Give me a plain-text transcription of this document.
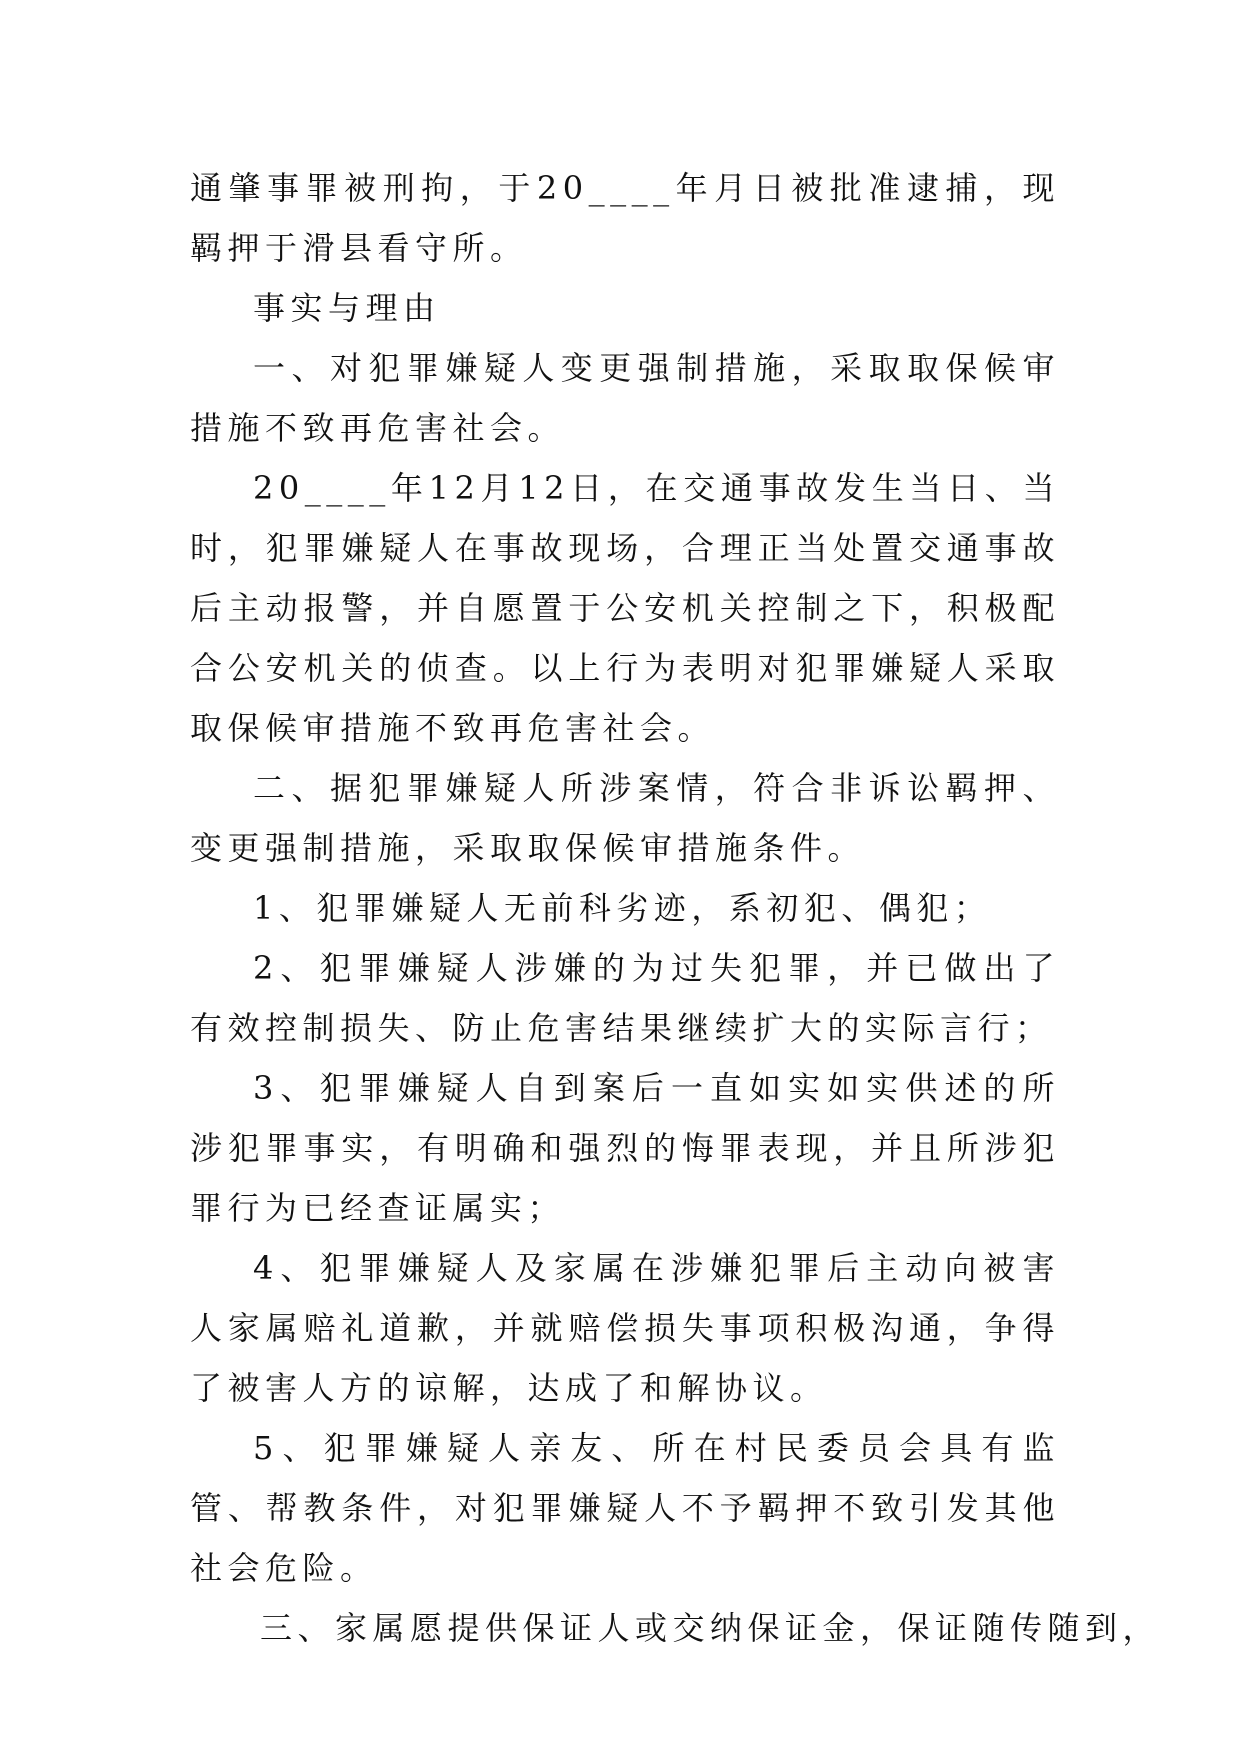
通肇事罪被刑拘，于20____年月日被批准逮捕，现羁押于滑县看守所。

事实与理由

一、对犯罪嫌疑人变更强制措施，采取取保候审措施不致再危害社会。

20____年12月12日，在交通事故发生当日、当时，犯罪嫌疑人在事故现场，合理正当处置交通事故后主动报警，并自愿置于公安机关控制之下，积极配合公安机关的侦查。以上行为表明对犯罪嫌疑人采取取保候审措施不致再危害社会。

二、据犯罪嫌疑人所涉案情，符合非诉讼羁押、变更强制措施，采取取保候审措施条件。

1、犯罪嫌疑人无前科劣迹，系初犯、偶犯；

2、犯罪嫌疑人涉嫌的为过失犯罪，并已做出了有效控制损失、防止危害结果继续扩大的实际言行；

3、犯罪嫌疑人自到案后一直如实如实供述的所涉犯罪事实，有明确和强烈的悔罪表现，并且所涉犯罪行为已经查证属实；

4、犯罪嫌疑人及家属在涉嫌犯罪后主动向被害人家属赔礼道歉，并就赔偿损失事项积极沟通，争得了被害人方的谅解，达成了和解协议。

5、犯罪嫌疑人亲友、所在村民委员会具有监管、帮教条件，对犯罪嫌疑人不予羁押不致引发其他社会危险。

三、家属愿提供保证人或交纳保证金，保证随传随到，
